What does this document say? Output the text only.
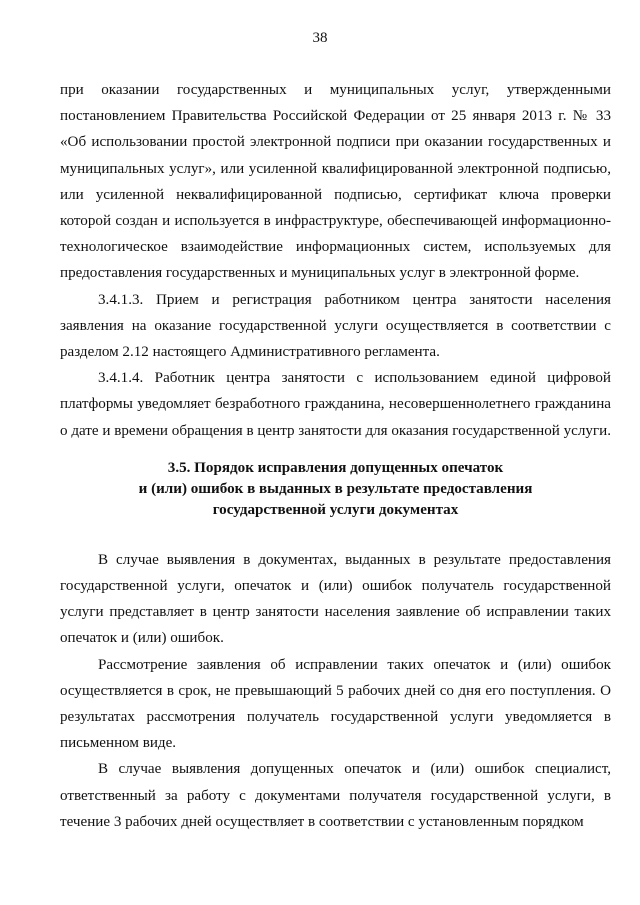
38

при оказании государственных и муниципальных услуг, утвержденными постановлением Правительства Российской Федерации от 25 января 2013 г. № 33 «Об использовании простой электронной подписи при оказании государственных и муниципальных услуг», или усиленной квалифицированной электронной подписью, или усиленной неквалифицированной подписью, сертификат ключа проверки которой создан и используется в инфраструктуре, обеспечивающей информационно-технологическое взаимодействие информационных систем, используемых для предоставления государственных и муниципальных услуг в электронной форме.

3.4.1.3. Прием и регистрация работником центра занятости населения заявления на оказание государственной услуги осуществляется в соответствии с разделом 2.12 настоящего Административного регламента.

3.4.1.4. Работник центра занятости с использованием единой цифровой платформы уведомляет безработного гражданина, несовершеннолетнего гражданина о дате и времени обращения в центр занятости для оказания государственной услуги.

3.5. Порядок исправления допущенных опечаток

и (или) ошибок в выданных в результате предоставления

государственной услуги документах

В случае выявления в документах, выданных в результате предоставления государственной услуги, опечаток и (или) ошибок получатель государственной услуги представляет в центр занятости населения заявление об исправлении таких опечаток и (или) ошибок.

Рассмотрение заявления об исправлении таких опечаток и (или) ошибок осуществляется в срок, не превышающий 5 рабочих дней со дня его поступления. О результатах рассмотрения получатель государственной услуги уведомляется в письменном виде.

В случае выявления допущенных опечаток и (или) ошибок специалист, ответственный за работу с документами получателя государственной услуги, в течение 3 рабочих дней осуществляет в соответствии с установленным порядком
